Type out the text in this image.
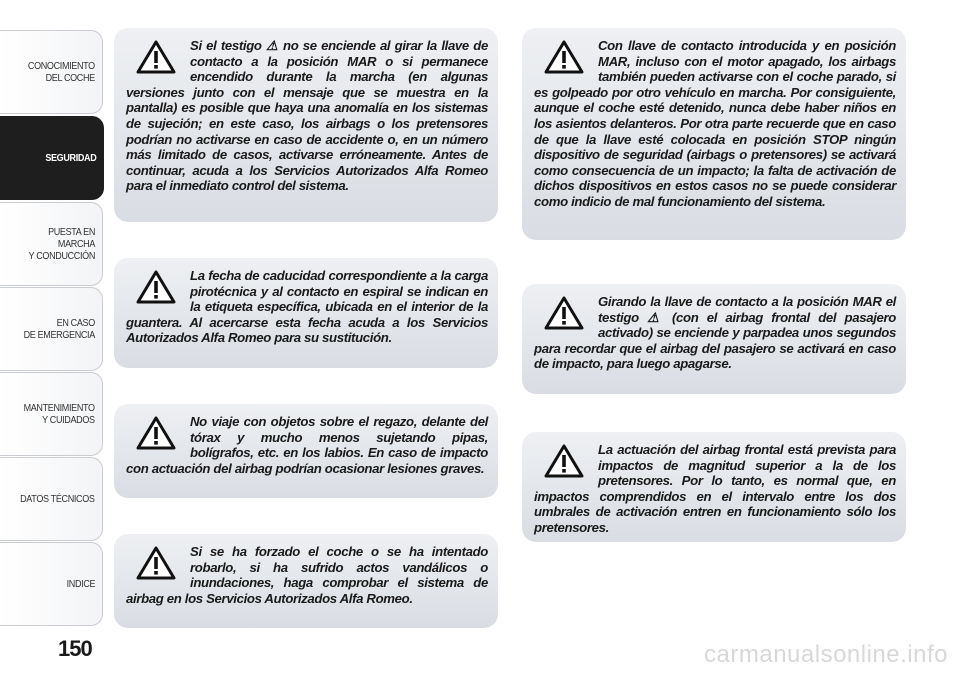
CONOCIMIENTO
DEL COCHE
SEGURIDAD
PUESTA EN MARCHA
Y CONDUCCIÓN
EN CASO
DE EMERGENCIA
MANTENIMIENTO
Y CUIDADOS
DATOS TÉCNICOS
INDICE
150

Si el testigo ⚠ no se enciende al girar la llave de contacto a la posición MAR o si permanece encendido durante la marcha (en algunas versiones junto con el mensaje que se muestra en la pantalla) es posible que haya una anomalía en los sistemas de sujeción; en este caso, los airbags o los pretensores podrían no activarse en caso de accidente o, en un número más limitado de casos, activarse erróneamente. Antes de continuar, acuda a los Servicios Autorizados Alfa Romeo para el inmediato control del sistema.

La fecha de caducidad correspondiente a la carga pirotécnica y al contacto en espiral se indican en la etiqueta específica, ubicada en el interior de la guantera. Al acercarse esta fecha acuda a los Servicios Autorizados Alfa Romeo para su sustitución.

No viaje con objetos sobre el regazo, delante del tórax y mucho menos sujetando pipas, bolígrafos, etc. en los labios. En caso de impacto con actuación del airbag podrían ocasionar lesiones graves.

Si se ha forzado el coche o se ha intentado robarlo, si ha sufrido actos vandálicos o inundaciones, haga comprobar el sistema de airbag en los Servicios Autorizados Alfa Romeo.

Con llave de contacto introducida y en posición MAR, incluso con el motor apagado, los airbags también pueden activarse con el coche parado, si es golpeado por otro vehículo en marcha. Por consiguiente, aunque el coche esté detenido, nunca debe haber niños en los asientos delanteros. Por otra parte recuerde que en caso de que la llave esté colocada en posición STOP ningún dispositivo de seguridad (airbags o pretensores) se activará como consecuencia de un impacto; la falta de activación de dichos dispositivos en estos casos no se puede considerar como indicio de mal funcionamiento del sistema.

Girando la llave de contacto a la posición MAR el testigo ⚠ (con el airbag frontal del pasajero activado) se enciende y parpadea unos segundos para recordar que el airbag del pasajero se activará en caso de impacto, para luego apagarse.

La actuación del airbag frontal está prevista para impactos de magnitud superior a la de los pretensores. Por lo tanto, es normal que, en impactos comprendidos en el intervalo entre los dos umbrales de activación entren en funcionamiento sólo los pretensores.

carmanualsonline.info
